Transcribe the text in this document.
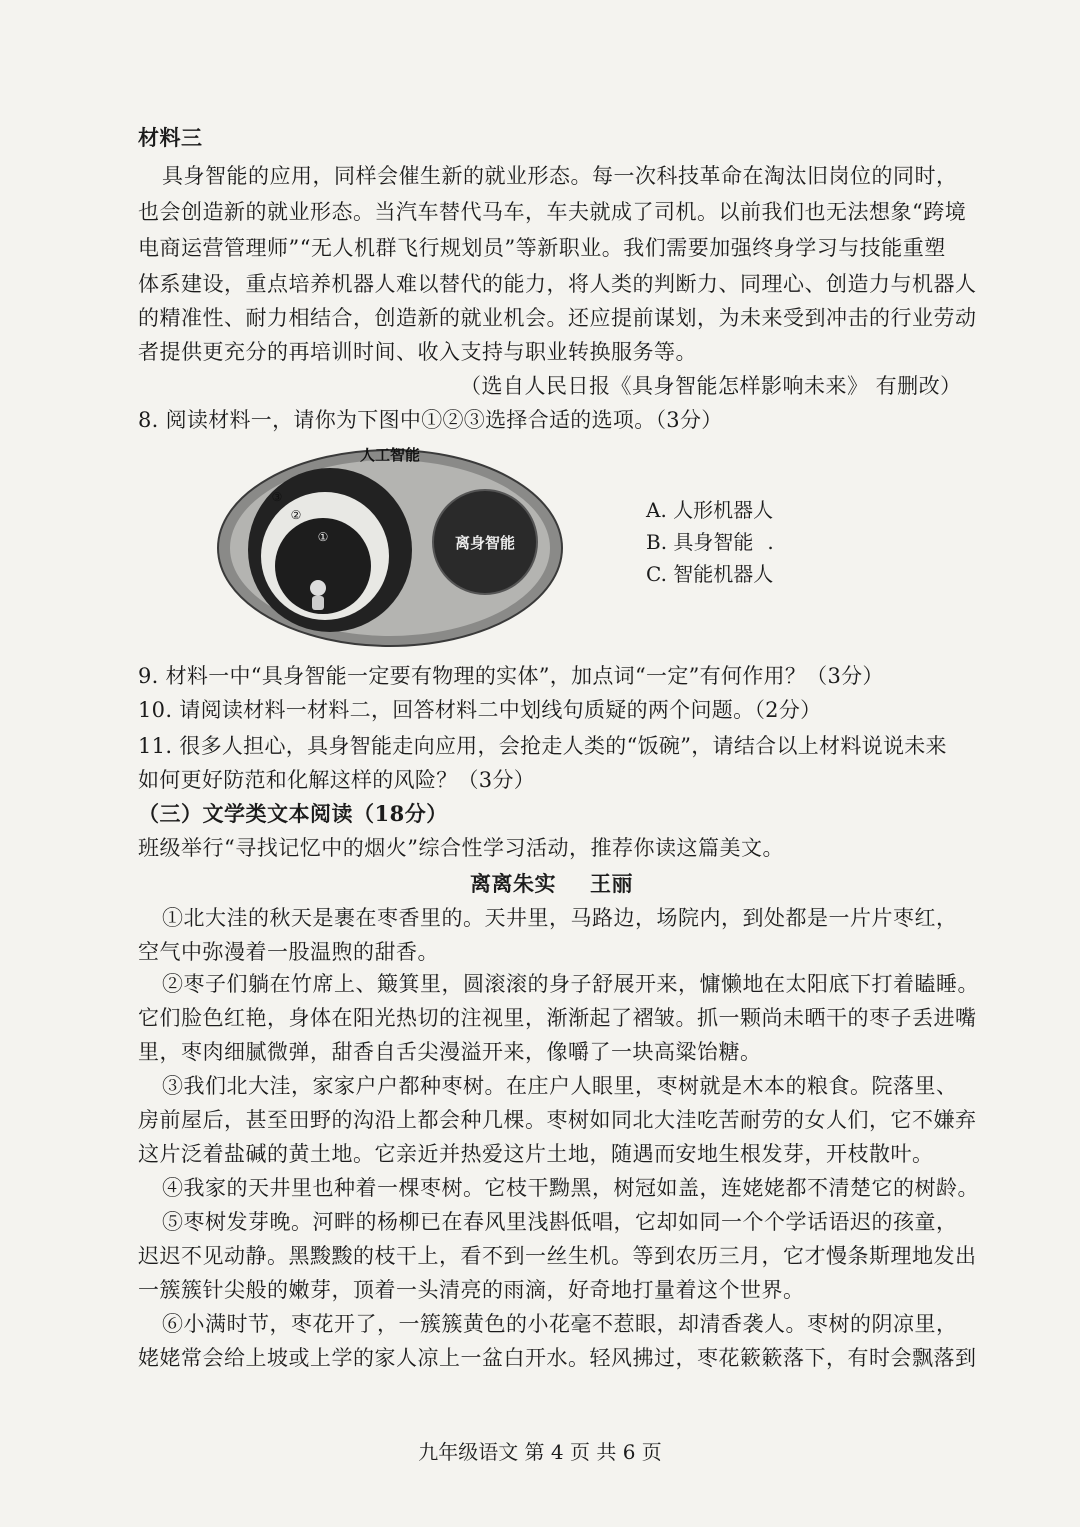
材料三
具身智能的应用，同样会催生新的就业形态。每一次科技革命在淘汰旧岗位的同时，
也会创造新的就业形态。当汽车替代马车，车夫就成了司机。以前我们也无法想象“跨境
电商运营管理师”“无人机群飞行规划员”等新职业。我们需要加强终身学习与技能重塑
体系建设，重点培养机器人难以替代的能力，将人类的判断力、同理心、创造力与机器人
的精准性、耐力相结合，创造新的就业机会。还应提前谋划，为未来受到冲击的行业劳动
者提供更充分的再培训时间、收入支持与职业转换服务等。
（选自人民日报《具身智能怎样影响未来》 有删改）
8. 阅读材料一，请你为下图中①②③选择合适的选项。（3分）
人工智能
离身智能
③
②
①
A. 人形机器人
B. 具身智能 .
C. 智能机器人
9. 材料一中“具身智能一定要有物理的实体”，加点词“一定”有何作用？（3分）
10. 请阅读材料一材料二，回答材料二中划线句质疑的两个问题。（2分）
11. 很多人担心，具身智能走向应用，会抢走人类的“饭碗”，请结合以上材料说说未来
如何更好防范和化解这样的风险？（3分）
（三）文学类文本阅读（18分）
班级举行“寻找记忆中的烟火”综合性学习活动，推荐你读这篇美文。
离离朱实 王丽
①北大洼的秋天是裹在枣香里的。天井里，马路边，场院内，到处都是一片片枣红，
空气中弥漫着一股温煦的甜香。
②枣子们躺在竹席上、簸箕里，圆滚滚的身子舒展开来，慵懒地在太阳底下打着瞌睡。
它们脸色红艳，身体在阳光热切的注视里，渐渐起了褶皱。抓一颗尚未晒干的枣子丢进嘴
里，枣肉细腻微弹，甜香自舌尖漫溢开来，像嚼了一块高粱饴糖。
③我们北大洼，家家户户都种枣树。在庄户人眼里，枣树就是木本的粮食。院落里、
房前屋后，甚至田野的沟沿上都会种几棵。枣树如同北大洼吃苦耐劳的女人们，它不嫌弃
这片泛着盐碱的黄土地。它亲近并热爱这片土地，随遇而安地生根发芽，开枝散叶。
④我家的天井里也种着一棵枣树。它枝干黝黑，树冠如盖，连姥姥都不清楚它的树龄。
⑤枣树发芽晚。河畔的杨柳已在春风里浅斟低唱，它却如同一个个学话语迟的孩童，
迟迟不见动静。黑黢黢的枝干上，看不到一丝生机。等到农历三月，它才慢条斯理地发出
一簇簇针尖般的嫩芽，顶着一头清亮的雨滴，好奇地打量着这个世界。
⑥小满时节，枣花开了，一簇簇黄色的小花毫不惹眼，却清香袭人。枣树的阴凉里，
姥姥常会给上坡或上学的家人凉上一盆白开水。轻风拂过，枣花簌簌落下，有时会飘落到
九年级语文 第 4 页 共 6 页
